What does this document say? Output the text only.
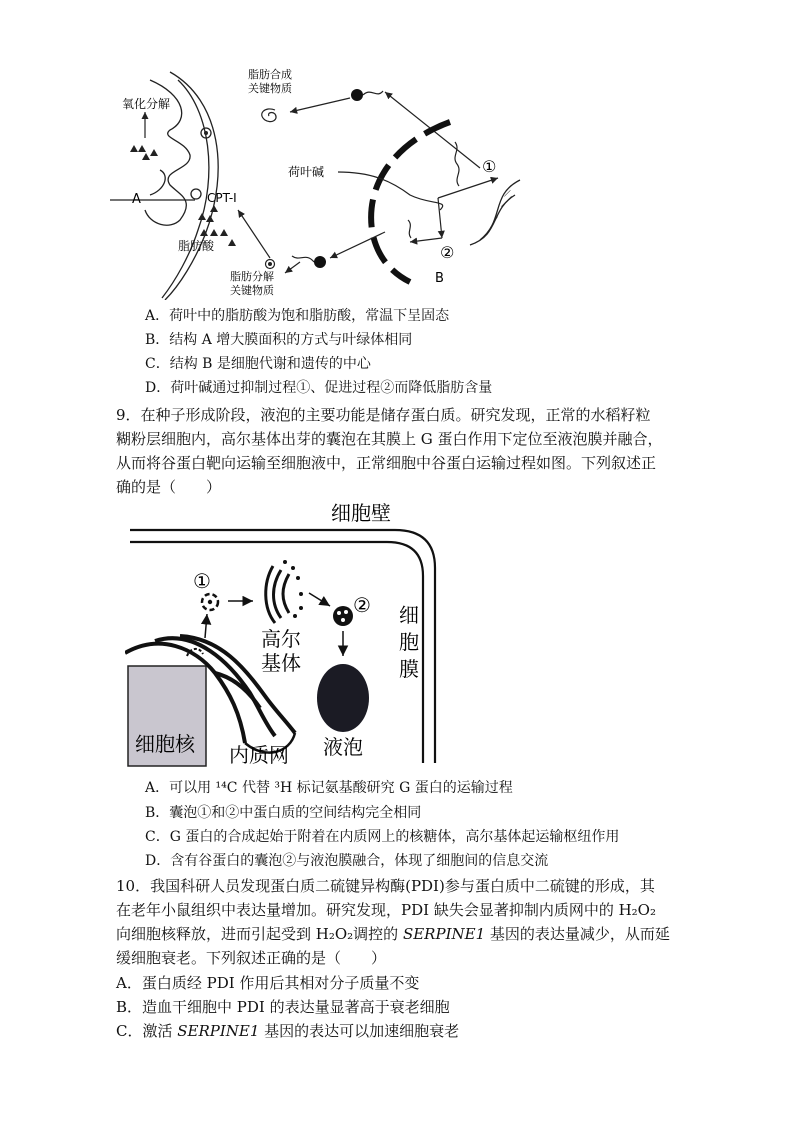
氧化分解
A	CPT-Ⅰ
脂肪酸
脂肪合成
关键物质
B
荷叶碱	①
②
脂肪分解
关键物质
A．荷叶中的脂肪酸为饱和脂肪酸，常温下呈固态
B．结构 A 增大膜面积的方式与叶绿体相同
C．结构 B 是细胞代谢和遗传的中心
D．荷叶碱通过抑制过程①、促进过程②而降低脂肪含量
9．在种子形成阶段，液泡的主要功能是储存蛋白质。研究发现，正常的水稻籽粒
糊粉层细胞内，高尔基体出芽的囊泡在其膜上 G 蛋白作用下定位至液泡膜并融合，
从而将谷蛋白靶向运输至细胞液中，正常细胞中谷蛋白运输过程如图。下列叙述正
确的是（　　）
①
高尔
基体
②
细胞壁
细
胞
膜
细胞核 内质网 液泡
A．可以用 ¹⁴C 代替 ³H 标记氨基酸研究 G 蛋白的运输过程
B．囊泡①和②中蛋白质的空间结构完全相同
C．G 蛋白的合成起始于附着在内质网上的核糖体，高尔基体起运输枢纽作用
D．含有谷蛋白的囊泡②与液泡膜融合，体现了细胞间的信息交流
10．我国科研人员发现蛋白质二硫键异构酶(PDI)参与蛋白质中二硫键的形成，其
在老年小鼠组织中表达量增加。研究发现，PDI 缺失会显著抑制内质网中的 H₂O₂
向细胞核释放，进而引起受到 H₂O₂调控的 SERPINE1 基因的表达量减少，从而延
缓细胞衰老。下列叙述正确的是（　　）
A．蛋白质经 PDI 作用后其相对分子质量不变
B．造血干细胞中 PDI 的表达量显著高于衰老细胞
C．激活 SERPINE1 基因的表达可以加速细胞衰老
